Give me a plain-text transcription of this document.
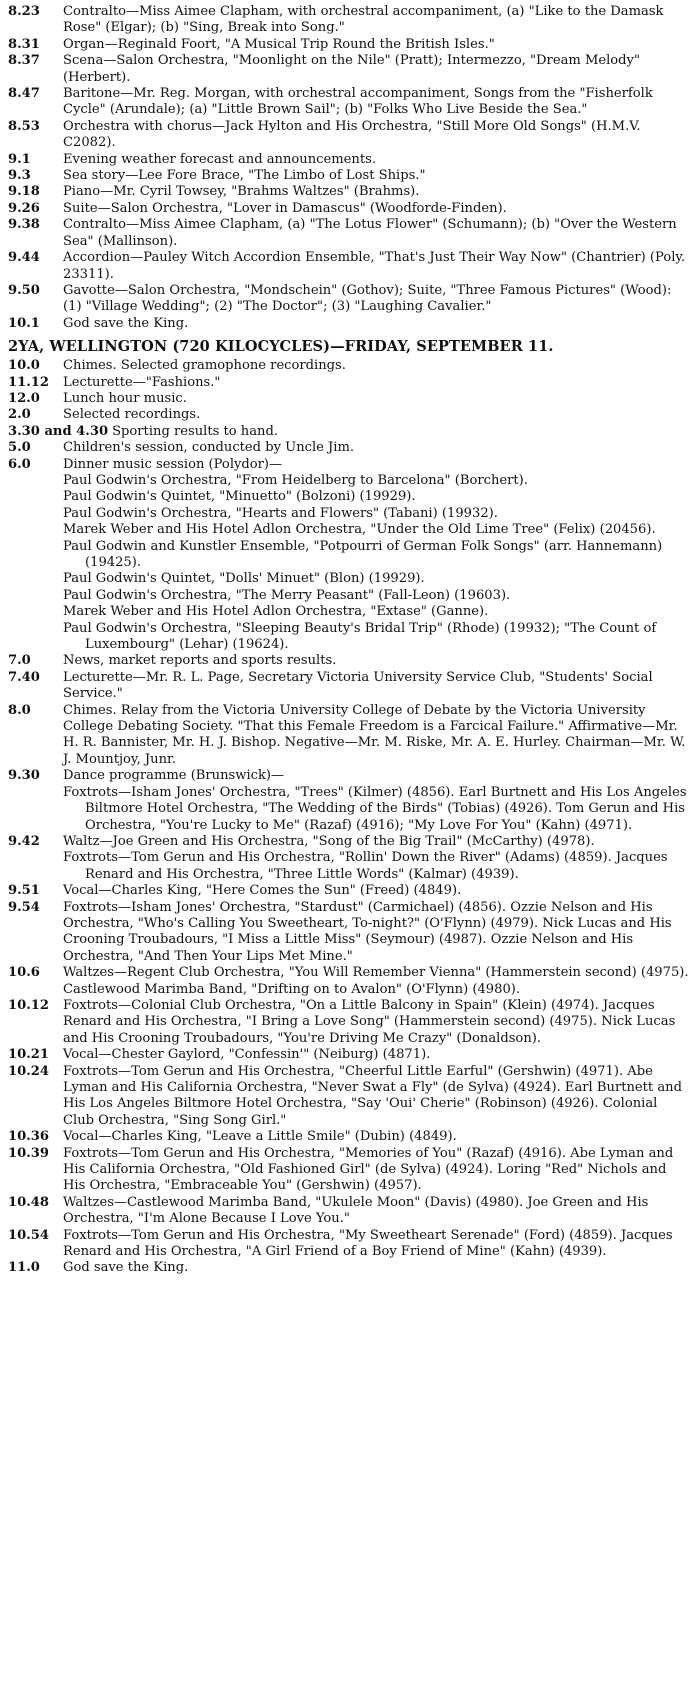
8.23	Contralto—Miss Aimee Clapham, with orchestral accompaniment, (a) "Like to the Damask Rose" (Elgar); (b) "Sing, Break into Song."
8.31	Organ—Reginald Foort, "A Musical Trip Round the British Isles."
8.37	Scena—Salon Orchestra, "Moonlight on the Nile" (Pratt); Intermezzo, "Dream Melody" (Herbert).
8.47	Baritone—Mr. Reg. Morgan, with orchestral accompaniment, Songs from the "Fisherfolk Cycle" (Arundale); (a) "Little Brown Sail"; (b) "Folks Who Live Beside the Sea."
8.53	Orchestra with chorus—Jack Hylton and His Orchestra, "Still More Old Songs" (H.M.V. C2082).
9.1	Evening weather forecast and announcements.
9.3	Sea story—Lee Fore Brace, "The Limbo of Lost Ships."
9.18	Piano—Mr. Cyril Towsey, "Brahms Waltzes" (Brahms).
9.26	Suite—Salon Orchestra, "Lover in Damascus" (Woodforde-Finden).
9.38	Contralto—Miss Aimee Clapham, (a) "The Lotus Flower" (Schumann); (b) "Over the Western Sea" (Mallinson).
9.44	Accordion—Pauley Witch Accordion Ensemble, "That's Just Their Way Now" (Chantrier) (Poly. 23311).
9.50	Gavotte—Salon Orchestra, "Mondschein" (Gothov); Suite, "Three Famous Pictures" (Wood): (1) "Village Wedding"; (2) "The Doctor"; (3) "Laughing Cavalier."
10.1	God save the King.
2YA, WELLINGTON (720 KILOCYCLES)—FRIDAY, SEPTEMBER 11.
10.0	Chimes. Selected gramophone recordings.
11.12	Lecturette—"Fashions."
12.0	Lunch hour music.
2.0	Selected recordings.
3.30 and 4.30 Sporting results to hand.
5.0	Children's session, conducted by Uncle Jim.
6.0	Dinner music session (Polydor)—
Paul Godwin's Orchestra, "From Heidelberg to Barcelona" (Borchert).
Paul Godwin's Quintet, "Minuetto" (Bolzoni) (19929).
Paul Godwin's Orchestra, "Hearts and Flowers" (Tabani) (19932).
Marek Weber and His Hotel Adlon Orchestra, "Under the Old Lime Tree" (Felix) (20456).
Paul Godwin and Kunstler Ensemble, "Potpourri of German Folk Songs" (arr. Hannemann) (19425).
Paul Godwin's Quintet, "Dolls' Minuet" (Blon) (19929).
Paul Godwin's Orchestra, "The Merry Peasant" (Fall-Leon) (19603).
Marek Weber and His Hotel Adlon Orchestra, "Extase" (Ganne).
Paul Godwin's Orchestra, "Sleeping Beauty's Bridal Trip" (Rhode) (19932); "The Count of Luxembourg" (Lehar) (19624).
7.0	News, market reports and sports results.
7.40	Lecturette—Mr. R. L. Page, Secretary Victoria University Service Club, "Students' Social Service."
8.0	Chimes. Relay from the Victoria University College of Debate by the Victoria University College Debating Society. "That this Female Freedom is a Farcical Failure." Affirmative—Mr. H. R. Bannister, Mr. H. J. Bishop. Negative—Mr. M. Riske, Mr. A. E. Hurley. Chairman—Mr. W. J. Mountjoy, Junr.
9.30	Dance programme (Brunswick)—
Foxtrots—Isham Jones' Orchestra, "Trees" (Kilmer) (4856). Earl Burtnett and His Los Angeles Biltmore Hotel Orchestra, "The Wedding of the Birds" (Tobias) (4926). Tom Gerun and His Orchestra, "You're Lucky to Me" (Razaf) (4916); "My Love For You" (Kahn) (4971).
9.42	Waltz—Joe Green and His Orchestra, "Song of the Big Trail" (McCarthy) (4978).
Foxtrots—Tom Gerun and His Orchestra, "Rollin' Down the River" (Adams) (4859). Jacques Renard and His Orchestra, "Three Little Words" (Kalmar) (4939).
9.51	Vocal—Charles King, "Here Comes the Sun" (Freed) (4849).
9.54	Foxtrots—Isham Jones' Orchestra, "Stardust" (Carmichael) (4856). Ozzie Nelson and His Orchestra, "Who's Calling You Sweetheart, To-night?" (O'Flynn) (4979). Nick Lucas and His Crooning Troubadours, "I Miss a Little Miss" (Seymour) (4987). Ozzie Nelson and His Orchestra, "And Then Your Lips Met Mine."
10.6	Waltzes—Regent Club Orchestra, "You Will Remember Vienna" (Hammerstein second) (4975). Castlewood Marimba Band, "Drifting on to Avalon" (O'Flynn) (4980).
10.12	Foxtrots—Colonial Club Orchestra, "On a Little Balcony in Spain" (Klein) (4974). Jacques Renard and His Orchestra, "I Bring a Love Song" (Hammerstein second) (4975). Nick Lucas and His Crooning Troubadours, "You're Driving Me Crazy" (Donaldson).
10.21	Vocal—Chester Gaylord, "Confessin'" (Neiburg) (4871).
10.24	Foxtrots—Tom Gerun and His Orchestra, "Cheerful Little Earful" (Gershwin) (4971). Abe Lyman and His California Orchestra, "Never Swat a Fly" (de Sylva) (4924). Earl Burtnett and His Los Angeles Biltmore Hotel Orchestra, "Say 'Oui' Cherie" (Robinson) (4926). Colonial Club Orchestra, "Sing Song Girl."
10.36	Vocal—Charles King, "Leave a Little Smile" (Dubin) (4849).
10.39	Foxtrots—Tom Gerun and His Orchestra, "Memories of You" (Razaf) (4916). Abe Lyman and His California Orchestra, "Old Fashioned Girl" (de Sylva) (4924). Loring "Red" Nichols and His Orchestra, "Embraceable You" (Gershwin) (4957).
10.48	Waltzes—Castlewood Marimba Band, "Ukulele Moon" (Davis) (4980). Joe Green and His Orchestra, "I'm Alone Because I Love You."
10.54	Foxtrots—Tom Gerun and His Orchestra, "My Sweetheart Serenade" (Ford) (4859). Jacques Renard and His Orchestra, "A Girl Friend of a Boy Friend of Mine" (Kahn) (4939).
11.0	God save the King.
